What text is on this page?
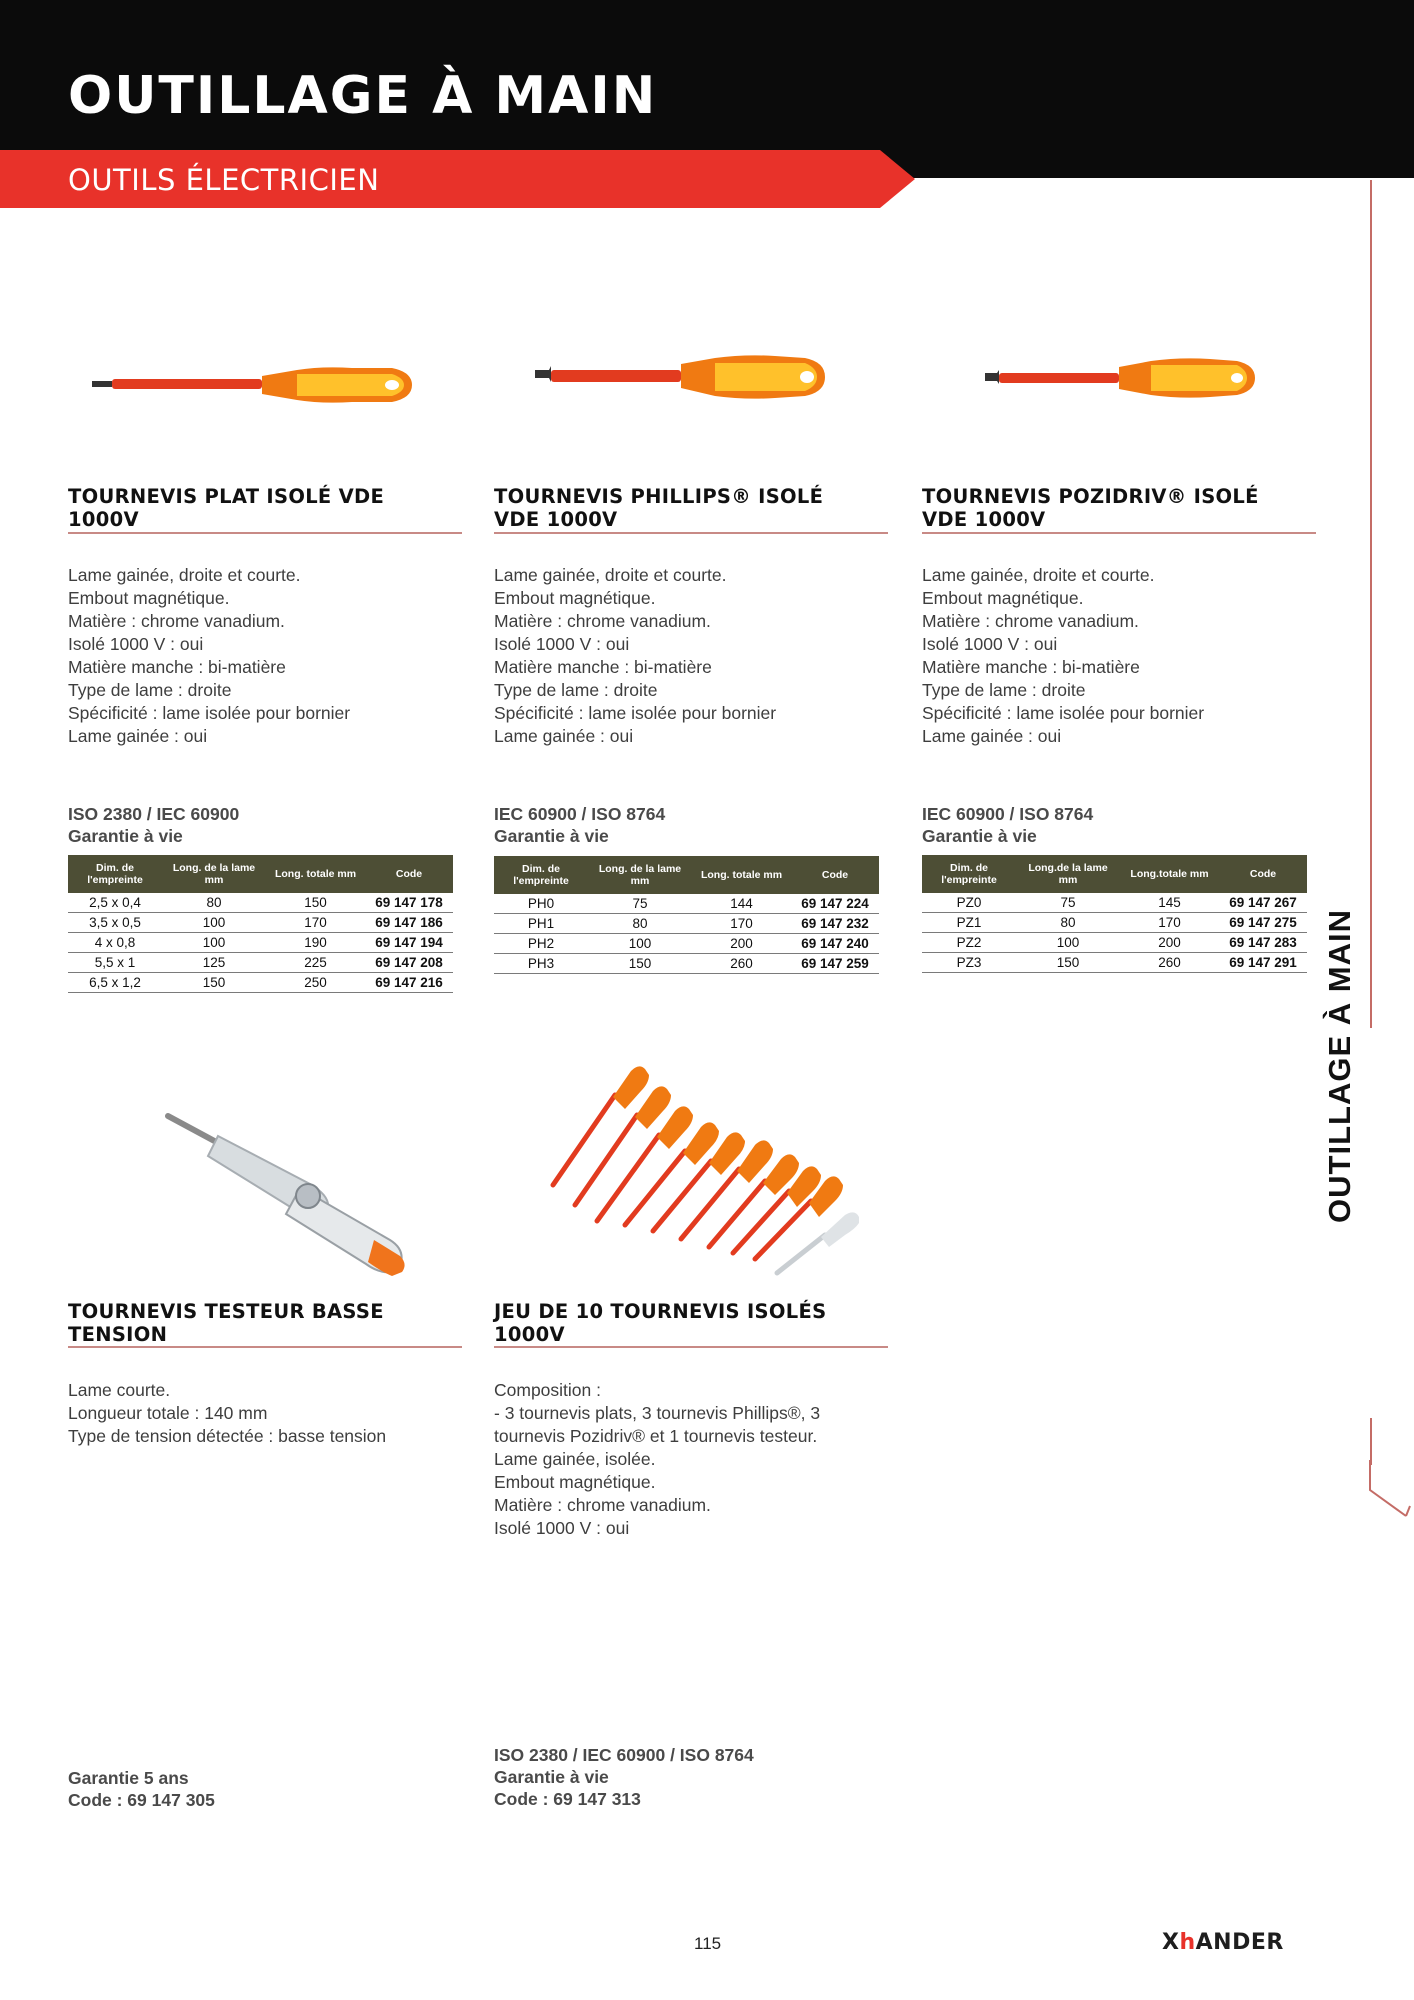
OUTILLAGE À MAIN
OUTILS ÉLECTRICIEN
OUTILLAGE À MAIN
TOURNEVIS PLAT ISOLÉ VDE
1000V
Lame gainée, droite et courte.
Embout magnétique.
Matière : chrome vanadium.
Isolé 1000 V : oui
Matière manche : bi-matière
Type de lame : droite
Spécificité : lame isolée pour bornier
Lame gainée : oui
ISO 2380 / IEC 60900
Garantie à vie
Dim. de l'empreinte	Long. de la lame mm	Long. totale mm	Code
2,5 x 0,4	80	150	69 147 178
3,5 x 0,5	100	170	69 147 186
4 x 0,8	100	190	69 147 194
5,5 x 1	125	225	69 147 208
6,5 x 1,2	150	250	69 147 216
TOURNEVIS PHILLIPS® ISOLÉ
VDE 1000V
Lame gainée, droite et courte.
Embout magnétique.
Matière : chrome vanadium.
Isolé 1000 V : oui
Matière manche : bi-matière
Type de lame : droite
Spécificité : lame isolée pour bornier
Lame gainée : oui
IEC 60900 / ISO 8764
Garantie à vie
Dim. de l'empreinte	Long. de la lame mm	Long. totale mm	Code
PH0	75	144	69 147 224
PH1	80	170	69 147 232
PH2	100	200	69 147 240
PH3	150	260	69 147 259
TOURNEVIS POZIDRIV® ISOLÉ
VDE 1000V
Lame gainée, droite et courte.
Embout magnétique.
Matière : chrome vanadium.
Isolé 1000 V : oui
Matière manche : bi-matière
Type de lame : droite
Spécificité : lame isolée pour bornier
Lame gainée : oui
IEC 60900 / ISO 8764
Garantie à vie
Dim. de l'empreinte	Long.de la lame mm	Long.totale mm	Code
PZ0	75	145	69 147 267
PZ1	80	170	69 147 275
PZ2	100	200	69 147 283
PZ3	150	260	69 147 291
TOURNEVIS TESTEUR BASSE
TENSION
Lame courte.
Longueur totale : 140 mm
Type de tension détectée : basse tension
Garantie 5 ans
Code : 69 147 305
JEU DE 10 TOURNEVIS ISOLÉS
1000V
Composition :
- 3 tournevis plats, 3 tournevis Phillips®, 3
tournevis Pozidriv® et 1 tournevis testeur.
Lame gainée, isolée.
Embout magnétique.
Matière : chrome vanadium.
Isolé 1000 V : oui
ISO 2380 / IEC 60900 / ISO 8764
Garantie à vie
Code : 69 147 313
115	XhANDER
